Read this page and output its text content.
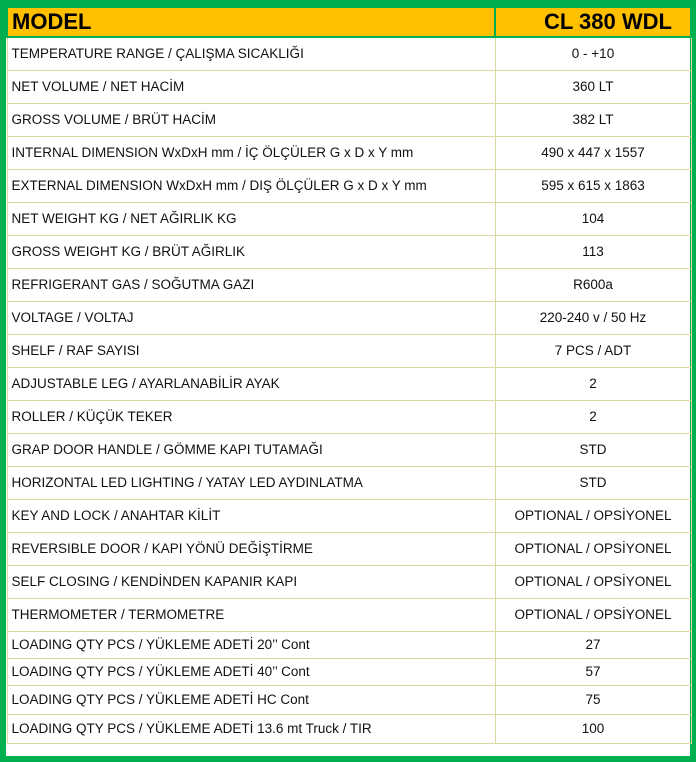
MODEL	CL 380 WDL
TEMPERATURE RANGE / ÇALIŞMA SICAKLIĞI	0 - +10
NET VOLUME / NET HACİM	360 LT
GROSS VOLUME / BRÜT HACİM	382 LT
INTERNAL DIMENSION WxDxH mm / İÇ ÖLÇÜLER G x D x Y mm	490 x 447 x 1557
EXTERNAL DIMENSION WxDxH mm / DIŞ ÖLÇÜLER G x D x Y mm	595 x 615 x 1863
NET WEIGHT KG / NET AĞIRLIK KG	104
GROSS WEIGHT KG / BRÜT AĞIRLIK	113
REFRIGERANT GAS / SOĞUTMA GAZI	R600a
VOLTAGE / VOLTAJ	220-240 v / 50 Hz
SHELF / RAF SAYISI	7 PCS / ADT
ADJUSTABLE LEG / AYARLANABİLİR AYAK	2
ROLLER / KÜÇÜK TEKER	2
GRAP DOOR HANDLE / GÖMME KAPI TUTAMAĞI	STD
HORIZONTAL LED LIGHTING / YATAY LED AYDINLATMA	STD
KEY AND LOCK / ANAHTAR KİLİT	OPTIONAL / OPSİYONEL
REVERSIBLE DOOR / KAPI YÖNÜ DEĞİŞTİRME	OPTIONAL / OPSİYONEL
SELF CLOSING / KENDİNDEN KAPANIR KAPI	OPTIONAL / OPSİYONEL
THERMOMETER / TERMOMETRE	OPTIONAL / OPSİYONEL
LOADING QTY PCS / YÜKLEME ADETİ 20’’ Cont	27
LOADING QTY PCS / YÜKLEME ADETİ 40’’ Cont	57
LOADING QTY PCS / YÜKLEME ADETİ HC Cont	75
LOADING QTY PCS / YÜKLEME ADETİ 13.6 mt Truck / TIR	100
